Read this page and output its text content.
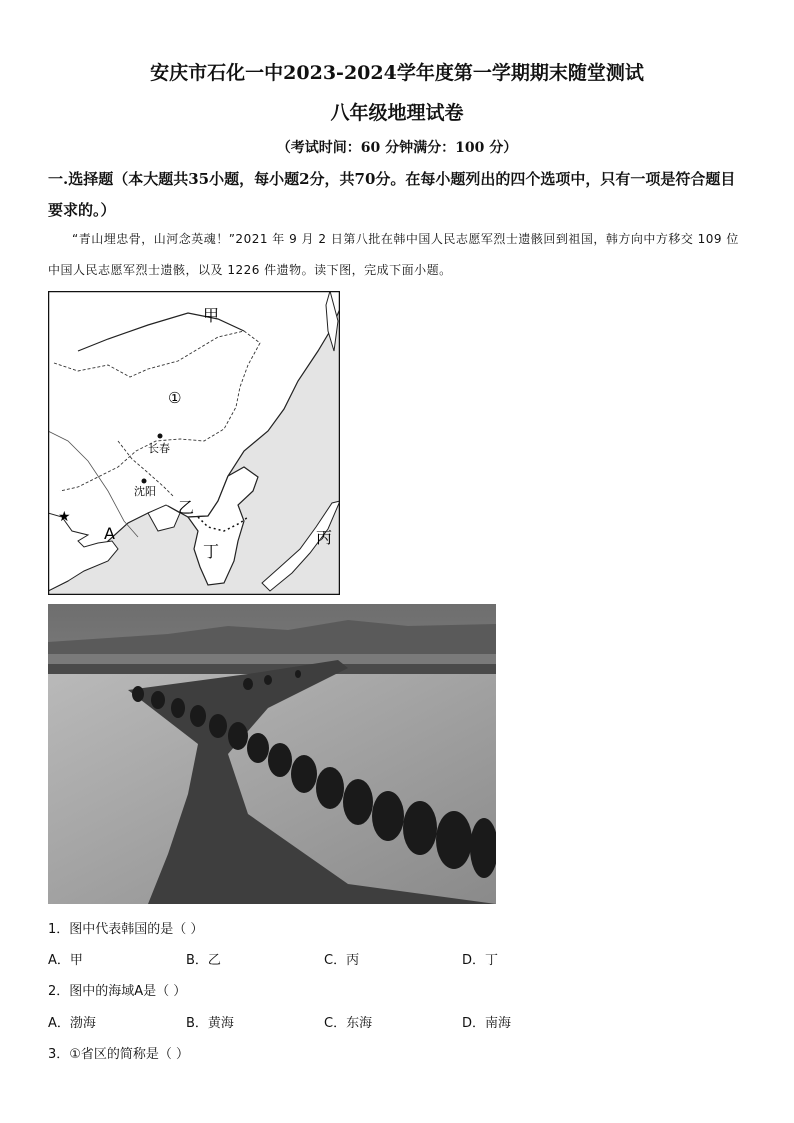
安庆市石化一中2023-2024学年度第一学期期末随堂测试
八年级地理试卷
（考试时间：60 分钟满分：100 分）
一.选择题（本大题共35小题，每小题2分，共70分。在每小题列出的四个选项中，只有一项是符合题目要求的。）
“青山埋忠骨，山河念英魂！”2021 年 9 月 2 日第八批在韩中国人民志愿军烈士遗骸回到祖国，韩方向中方移交 109 位中国人民志愿军烈士遗骸，以及 1226 件遗物。读下图，完成下面小题。
甲
①
长春
沈阳
乙
A
丁
丙
★
1．图中代表韩国的是（ ）
A．甲	B．乙	C．丙	D．丁
2．图中的海域A是（ ）
A．渤海	B．黄海	C．东海	D．南海
3．①省区的简称是（ ）
